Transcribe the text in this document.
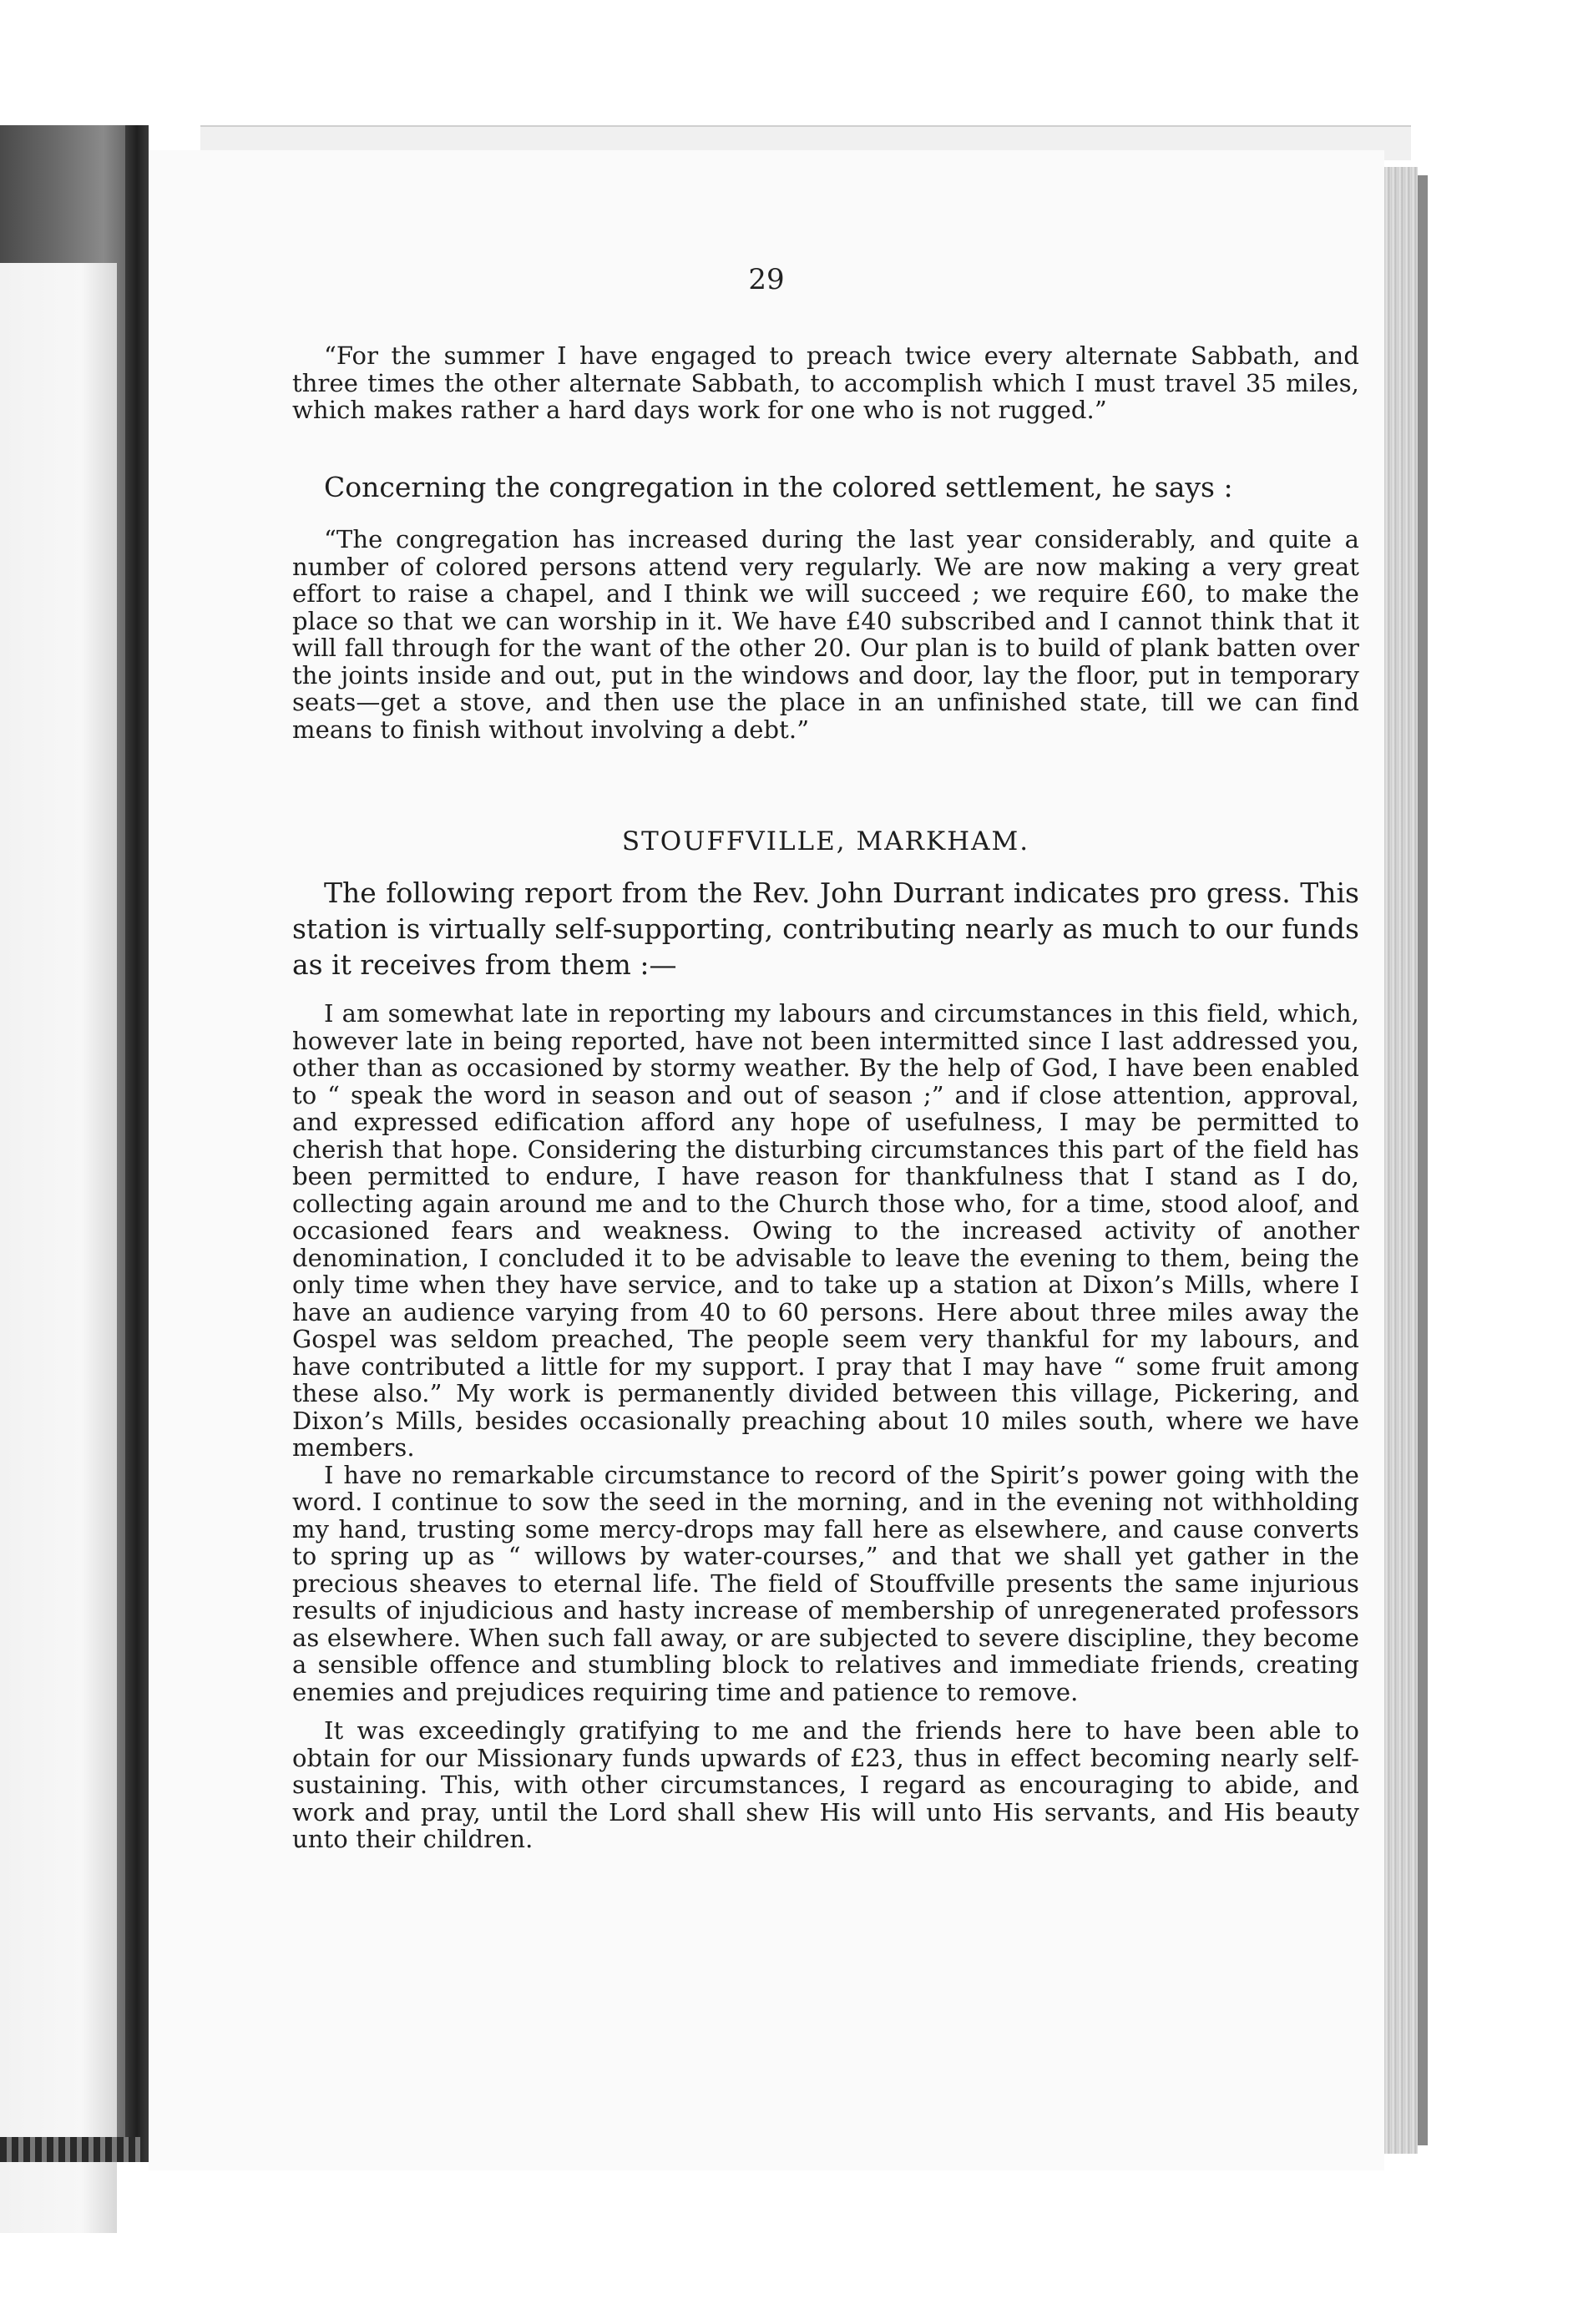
29

“For the summer I have engaged to preach twice every alternate Sabbath, and three times the other alternate Sabbath, to accomplish which I must travel 35 miles, which makes rather a hard days work for one who is not rugged.”

Concerning the congregation in the colored settlement, he says :

“The congregation has increased during the last year considerably, and quite a number of colored persons attend very regularly. We are now making a very great effort to raise a chapel, and I think we will succeed ; we require £60, to make the place so that we can worship in it. We have £40 subscribed and I cannot think that it will fall through for the want of the other 20. Our plan is to build of plank batten over the joints inside and out, put in the windows and door, lay the floor, put in temporary seats—get a stove, and then use the place in an unfinished state, till we can find means to finish without involving a debt.”

STOUFFVILLE, MARKHAM.

The following report from the Rev. John Durrant indicates pro gress. This station is virtually self-supporting, contributing nearly as much to our funds as it receives from them :—

I am somewhat late in reporting my labours and circumstances in this field, which, however late in being reported, have not been intermitted since I last addressed you, other than as occasioned by stormy weather. By the help of God, I have been enabled to “ speak the word in season and out of season ;” and if close attention, approval, and expressed edification afford any hope of usefulness, I may be permitted to cherish that hope. Considering the disturbing circumstances this part of the field has been permitted to endure, I have reason for thankfulness that I stand as I do, collecting again around me and to the Church those who, for a time, stood aloof, and occasioned fears and weakness. Owing to the increased activity of another denomination, I concluded it to be advisable to leave the evening to them, being the only time when they have service, and to take up a station at Dixon’s Mills, where I have an audience varying from 40 to 60 persons. Here about three miles away the Gospel was seldom preached, The people seem very thankful for my labours, and have contributed a little for my support. I pray that I may have “ some fruit among these also.” My work is permanently divided between this village, Pickering, and Dixon’s Mills, besides occasionally preaching about 10 miles south, where we have members.

I have no remarkable circumstance to record of the Spirit’s power going with the word. I continue to sow the seed in the morning, and in the evening not withholding my hand, trusting some mercy-drops may fall here as elsewhere, and cause converts to spring up as “ willows by water-courses,” and that we shall yet gather in the precious sheaves to eternal life. The field of Stouffville presents the same injurious results of injudicious and hasty increase of membership of unregenerated professors as elsewhere. When such fall away, or are subjected to severe discipline, they become a sensible offence and stumbling block to relatives and immediate friends, creating enemies and prejudices requiring time and patience to remove.

It was exceedingly gratifying to me and the friends here to have been able to obtain for our Missionary funds upwards of £23, thus in effect becoming nearly self-sustaining. This, with other circumstances, I regard as encouraging to abide, and work and pray, until the Lord shall shew His will unto His servants, and His beauty unto their children.
